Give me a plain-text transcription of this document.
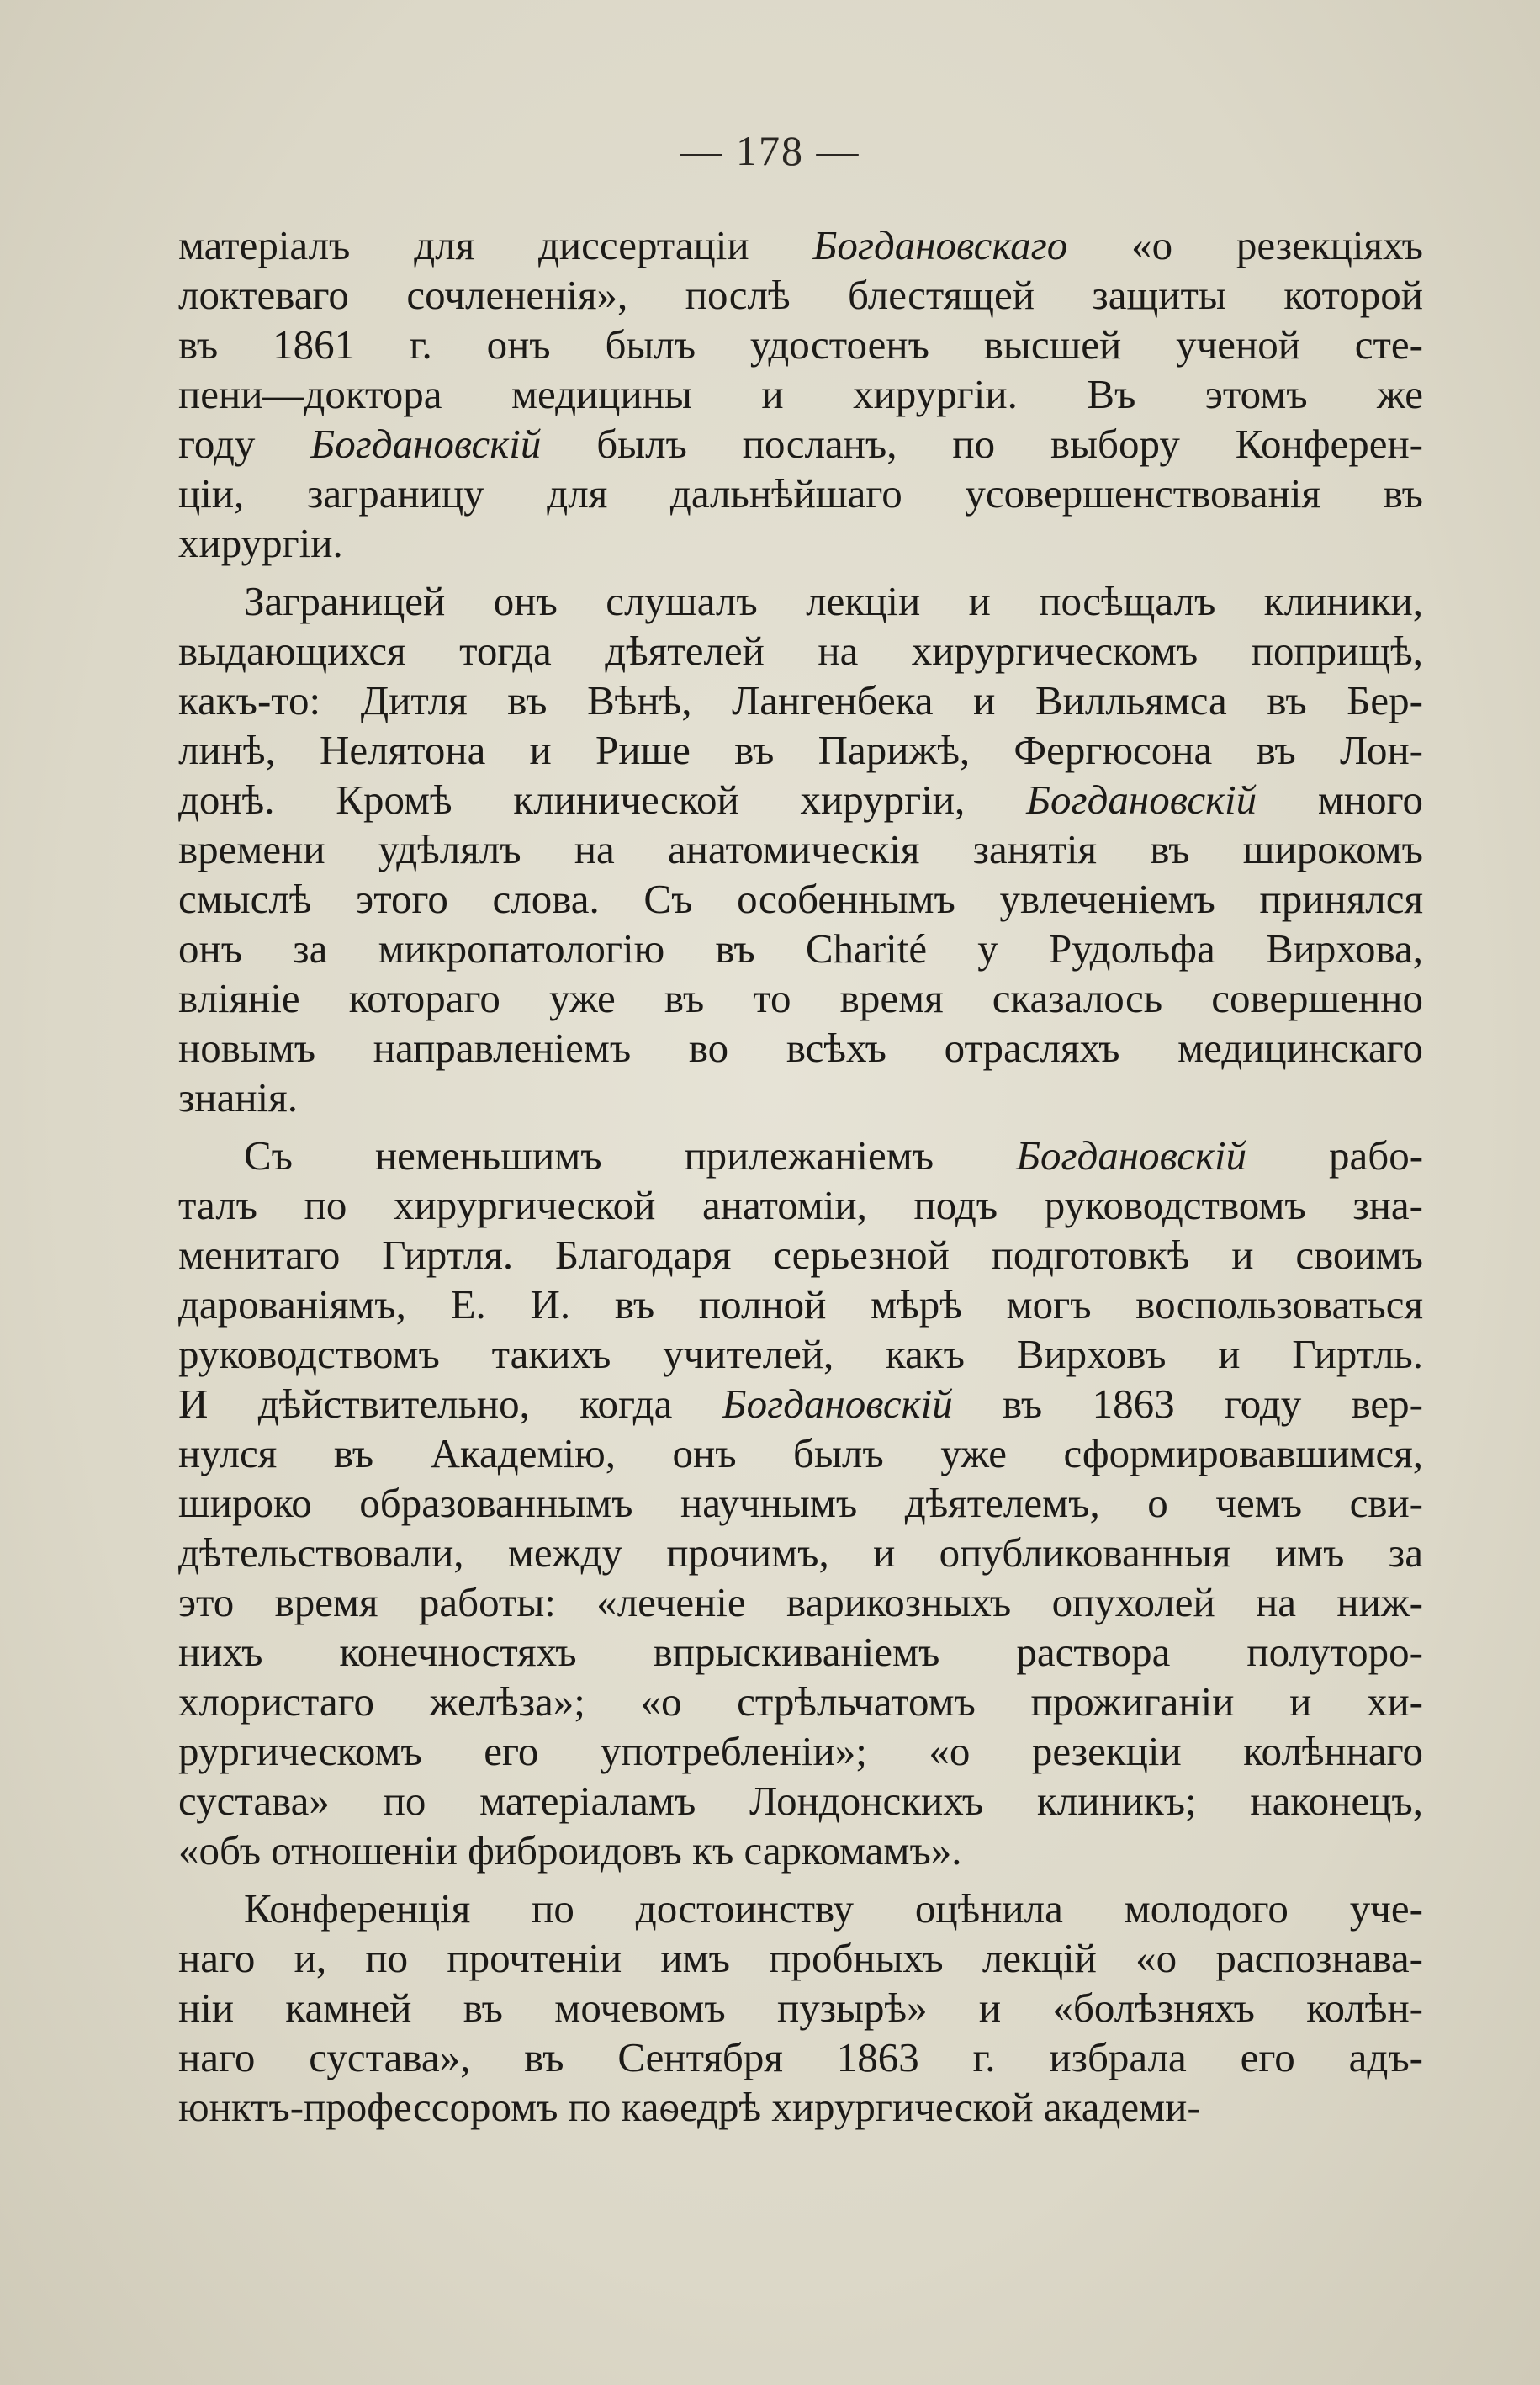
— 178 —
матеріалъ для диссертаціи Богдановскаго «о резекціяхъ
локтеваго сочлененія», послѣ блестящей защиты которой
въ 1861 г. онъ былъ удостоенъ высшей ученой сте-
пени—доктора медицины и хирургіи. Въ этомъ же
году Богдановскій былъ посланъ, по выбору Конферен-
ціи, заграницу для дальнѣйшаго усовершенствованія въ
хирургіи.
Заграницей онъ слушалъ лекціи и посѣщалъ клиники,
выдающихся тогда дѣятелей на хирургическомъ поприщѣ,
какъ-то: Дитля въ Вѣнѣ, Лангенбека и Вилльямса въ Бер-
линѣ, Нелятона и Рише въ Парижѣ, Фергюсона въ Лон-
донѣ. Кромѣ клинической хирургіи, Богдановскій много
времени удѣлялъ на анатомическія занятія въ широкомъ
смыслѣ этого слова. Съ особеннымъ увлеченіемъ принялся
онъ за микропатологію въ Charité у Рудольфа Вирхова,
вліяніе котораго уже въ то время сказалось совершенно
новымъ направленіемъ во всѣхъ отрасляхъ медицинскаго
знанія.
Съ неменьшимъ прилежаніемъ Богдановскій рабо-
талъ по хирургической анатоміи, подъ руководствомъ зна-
менитаго Гиртля. Благодаря серьезной подготовкѣ и своимъ
дарованіямъ, Е. И. въ полной мѣрѣ могъ воспользоваться
руководствомъ такихъ учителей, какъ Вирховъ и Гиртль.
И дѣйствительно, когда Богдановскій въ 1863 году вер-
нулся въ Академію, онъ былъ уже сформировавшимся,
широко образованнымъ научнымъ дѣятелемъ, о чемъ сви-
дѣтельствовали, между прочимъ, и опубликованныя имъ за
это время работы: «леченіе варикозныхъ опухолей на ниж-
нихъ конечностяхъ впрыскиваніемъ раствора полуторо-
хлористаго желѣза»; «о стрѣльчатомъ прожиганіи и хи-
рургическомъ его употребленіи»; «о резекціи колѣннаго
сустава» по матеріаламъ Лондонскихъ клиникъ; наконецъ,
«объ отношеніи фиброидовъ къ саркомамъ».
Конференція по достоинству оцѣнила молодого уче-
наго и, по прочтеніи имъ пробныхъ лекцій «о распознава-
ніи камней въ мочевомъ пузырѣ» и «болѣзняхъ колѣн-
наго сустава», въ Сентября 1863 г. избрала его адъ-
юнктъ-профессоромъ по каѳедрѣ хирургической академи-
